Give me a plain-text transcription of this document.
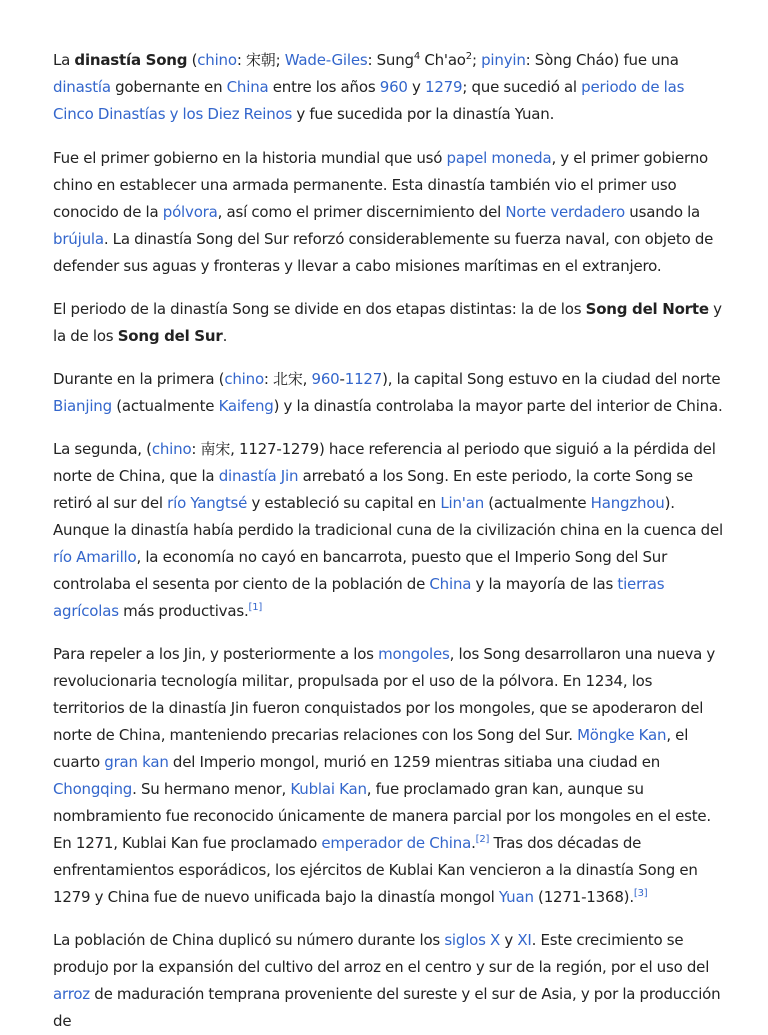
La dinastía Song (chino: 宋朝; Wade-Giles: Sung$^4$ $Ch'ao^2$; pinyin: Sòng Cháo) fue una dinastía gobernante en China entre los años 960 y 1279; que sucedió al periodo de las Cinco Dinastías y los Diez Reinos y fue sucedida por la dinastía Yuan.

Fue el primer gobierno en la historia mundial que usó papel moneda, y el primer gobierno chino en establecer una armada permanente. Esta dinastía también vio el primer uso conocido de la pólvora, así como el primer discernimiento del Norte verdadero usando la brújula. La dinastía Song del Sur reforzó considerablemente su fuerza naval, con objeto de defender sus aguas y fronteras y llevar a cabo misiones marítimas en el extranjero.

El periodo de la dinastía Song se divide en dos etapas distintas: la de los Song del Norte y la de los Song del Sur.

Durante en la primera (chino: 北宋, 960-1127), la capital Song estuvo en la ciudad del norte Bianjing (actualmente Kaifeng) y la dinastía controlaba la mayor parte del interior de China.

La segunda, (chino: 南宋, 1127-1279) hace referencia al periodo que siguió a la pérdida del norte de China, que la dinastía Jin arrebató a los Song. En este periodo, la corte Song se retiró al sur del río Yangtsé y estableció su capital en Lin'an (actualmente Hangzhou). Aunque la dinastía había perdido la tradicional cuna de la civilización china en la cuenca del río Amarillo, la economía no cayó en bancarrota, puesto que el Imperio Song del Sur controlaba el sesenta por ciento de la población de China y la mayoría de las tierras agrícolas más productivas.[1]

Para repeler a los Jin, y posteriormente a los mongoles, los Song desarrollaron una nueva y revolucionaria tecnología militar, propulsada por el uso de la pólvora. En 1234, los territorios de la dinastía Jin fueron conquistados por los mongoles, que se apoderaron del norte de China, manteniendo precarias relaciones con los Song del Sur. Möngke Kan, el cuarto gran kan del Imperio mongol, murió en 1259 mientras sitiaba una ciudad en Chongqing. Su hermano menor, Kublai Kan, fue proclamado gran kan, aunque su nombramiento fue reconocido únicamente de manera parcial por los mongoles en el este. En 1271, Kublai Kan fue proclamado emperador de China.[2] Tras dos décadas de enfrentamientos esporádicos, los ejércitos de Kublai Kan vencieron a la dinastía Song en 1279 y China fue de nuevo unificada bajo la dinastía mongol Yuan (1271-1368).[3]

La población de China duplicó su número durante los siglos X y XI. Este crecimiento se produjo por la expansión del cultivo del arroz en el centro y sur de la región, por el uso del arroz de maduración temprana proveniente del sureste y el sur de Asia, y por la producción de
